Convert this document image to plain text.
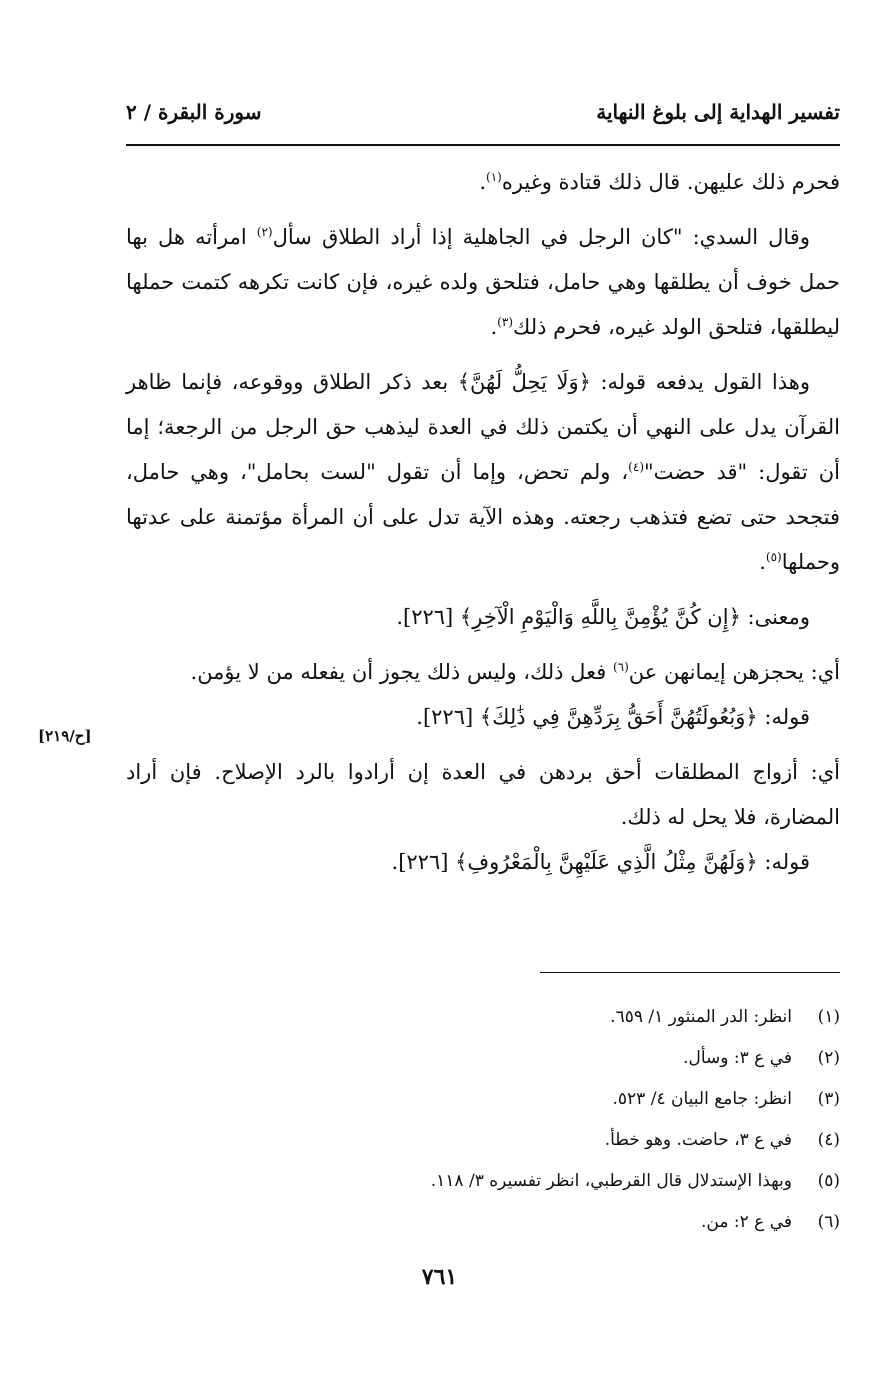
تفسير الهداية إلى بلوغ النهاية
سورة البقرة / ٢

فحرم ذلك عليهن. قال ذلك قتادة وغيره$^{(١)}$.

وقال السدي: "كان الرجل في الجاهلية إذا أراد الطلاق سأل$^{(٢)}$ امرأته هل بها حمل خوف أن يطلقها وهي حامل، فتلحق ولده غيره، فإن كانت تكرهه كتمت حملها ليطلقها، فتلحق الولد غيره، فحرم ذلك$^{(٣)}$.

وهذا القول يدفعه قوله: ﴿وَلَا يَحِلُّ لَهُنَّ﴾ بعد ذكر الطلاق ووقوعه، فإنما ظاهر القرآن يدل على النهي أن يكتمن ذلك في العدة ليذهب حق الرجل من الرجعة؛ إما أن تقول: "قد حضت"$^{(٤)}$، ولم تحض، وإما أن تقول "لست بحامل"، وهي حامل، فتجحد حتى تضع فتذهب رجعته. وهذه الآية تدل على أن المرأة مؤتمنة على عدتها وحملها$^{(٥)}$.

ومعنى: ﴿إِن كُنَّ يُؤْمِنَّ بِاللَّهِ وَالْيَوْمِ الْآخِرِ﴾ [٢٢٦].

أي: يحجزهن إيمانهن عن$^{(٦)}$ فعل ذلك، وليس ذلك يجوز أن يفعله من لا يؤمن.

قوله: ﴿وَبُعُولَتُهُنَّ أَحَقُّ بِرَدِّهِنَّ فِي ذَٰلِكَ﴾ [٢٢٦].

أي: أزواج المطلقات أحق بردهن في العدة إن أرادوا بالرد الإصلاح. فإن أراد المضارة، فلا يحل له ذلك.

قوله: ﴿وَلَهُنَّ مِثْلُ الَّذِي عَلَيْهِنَّ بِالْمَعْرُوفِ﴾ [٢٢٦].

[ح/٢١٩]
(١)
انظر: الدر المنثور ١/ ٦٥٩.
(٢)
في ع ٣: وسأل.
(٣)
انظر: جامع البيان ٤/ ٥٢٣.
(٤)
في ع ٣، حاضت. وهو خطأ.
(٥)
وبهذا الإستدلال قال القرطبي، انظر تفسيره ٣/ ١١٨.
(٦)
في ع ٢: من.
٧٦١
